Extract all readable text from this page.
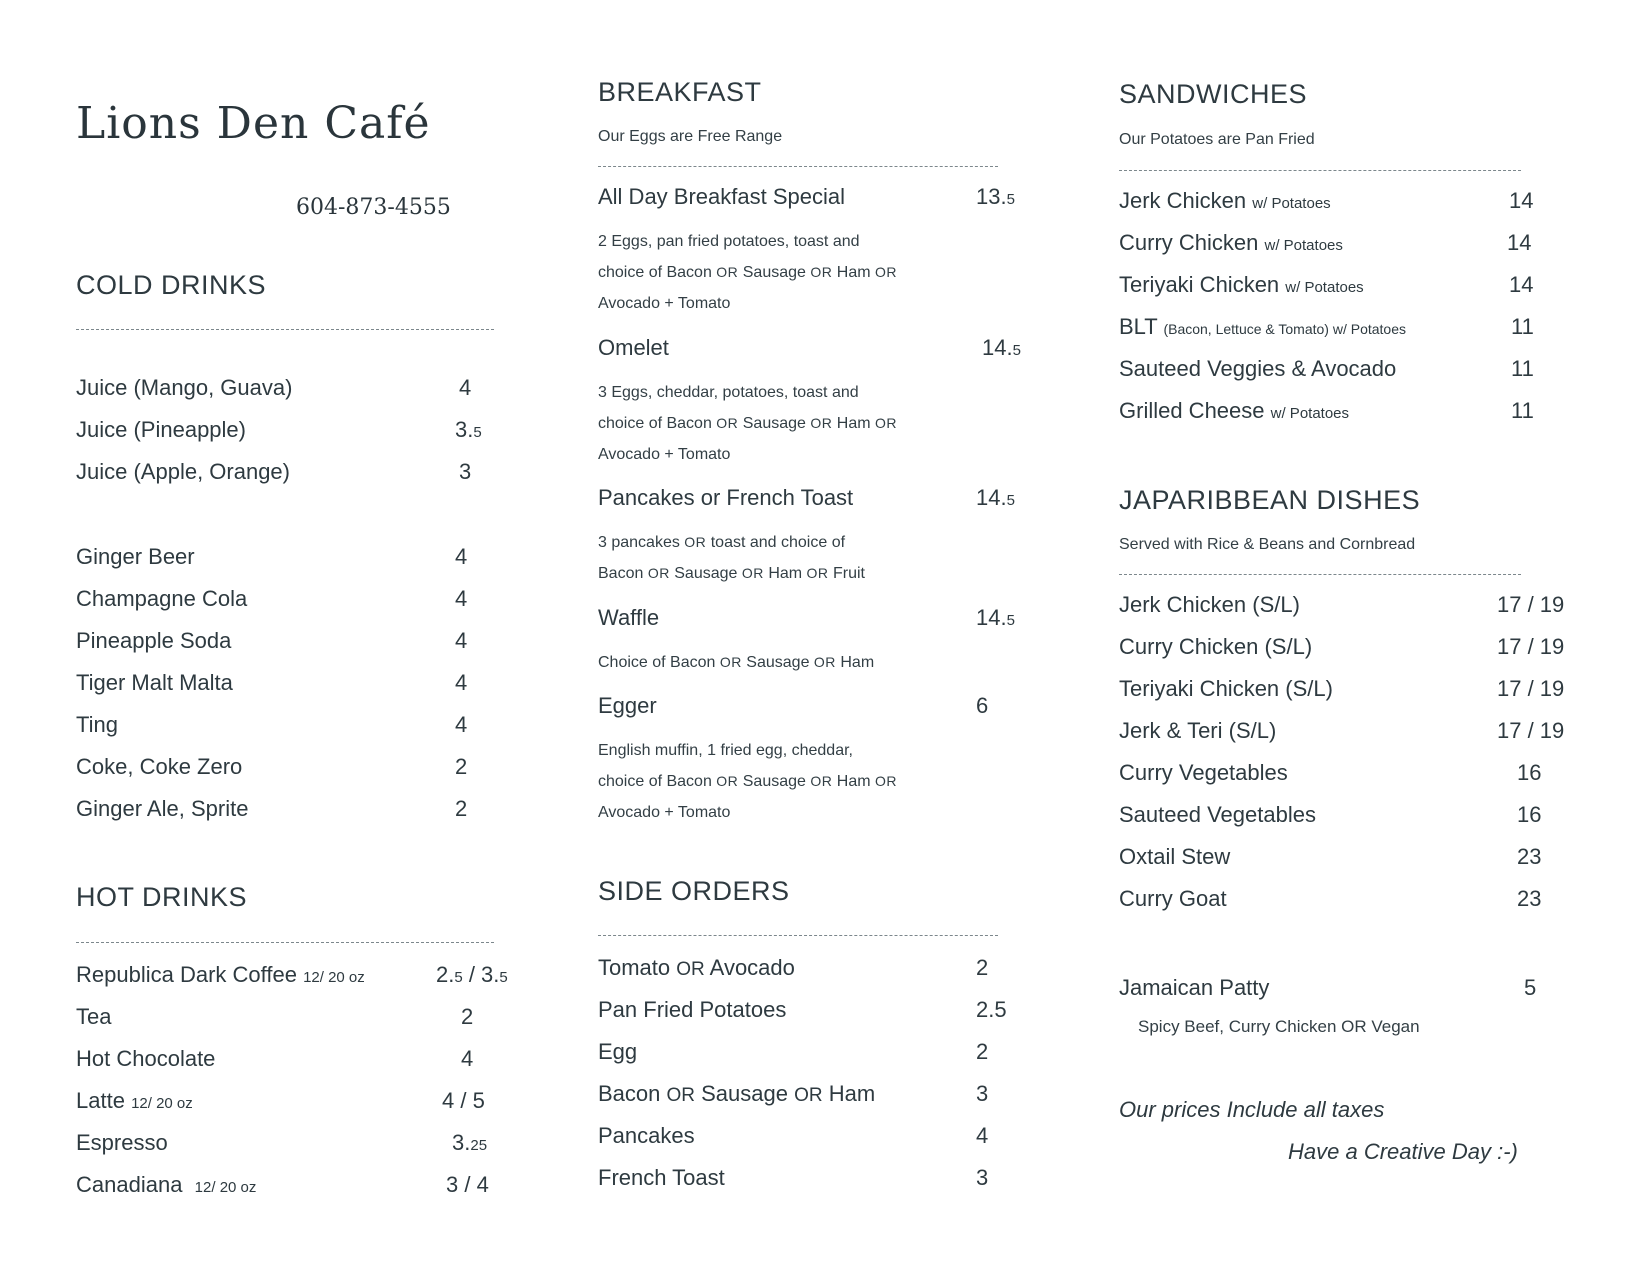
Lions Den Café
604-873-4555
COLD DRINKS
Juice (Mango, Guava)	4
Juice (Pineapple)	3.5
Juice (Apple, Orange)	3
Ginger Beer	4
Champagne Cola	4
Pineapple Soda	4
Tiger Malt Malta	4
Ting	4
Coke, Coke Zero	2
Ginger Ale, Sprite	2
HOT DRINKS
Republica Dark Coffee 12/ 20 oz	2.5 / 3.5
Tea	2
Hot Chocolate	4
Latte 12/ 20 oz	4 / 5
Espresso	3.25
Canadiana 12/ 20 oz	3 / 4
BREAKFAST
Our Eggs are Free Range
All Day Breakfast Special	13.5
2 Eggs, pan fried potatoes, toast and
choice of Bacon OR Sausage OR Ham OR
Avocado + Tomato
Omelet	14.5
3 Eggs, cheddar, potatoes, toast and
choice of Bacon OR Sausage OR Ham OR
Avocado + Tomato
Pancakes or French Toast	14.5
3 pancakes OR toast and choice of
Bacon OR Sausage OR Ham OR Fruit
Waffle	14.5
Choice of Bacon OR Sausage OR Ham
Egger	6
English muffin, 1 fried egg, cheddar,
choice of Bacon OR Sausage OR Ham OR
Avocado + Tomato
SIDE ORDERS
Tomato OR Avocado	2
Pan Fried Potatoes	2.5
Egg	2
Bacon OR Sausage OR Ham	3
Pancakes	4
French Toast	3
SANDWICHES
Our Potatoes are Pan Fried
Jerk Chicken w/ Potatoes	14
Curry Chicken w/ Potatoes	14
Teriyaki Chicken w/ Potatoes	14
BLT (Bacon, Lettuce & Tomato) w/ Potatoes	11
Sauteed Veggies & Avocado	11
Grilled Cheese w/ Potatoes	11
JAPARIBBEAN DISHES
Served with Rice & Beans and Cornbread
Jerk Chicken (S/L)	17 / 19
Curry Chicken (S/L)	17 / 19
Teriyaki Chicken (S/L)	17 / 19
Jerk & Teri (S/L)	17 / 19
Curry Vegetables	16
Sauteed Vegetables	16
Oxtail Stew	23
Curry Goat	23
Jamaican Patty	5
Spicy Beef, Curry Chicken OR Vegan
Our prices Include all taxes
Have a Creative Day :-)
